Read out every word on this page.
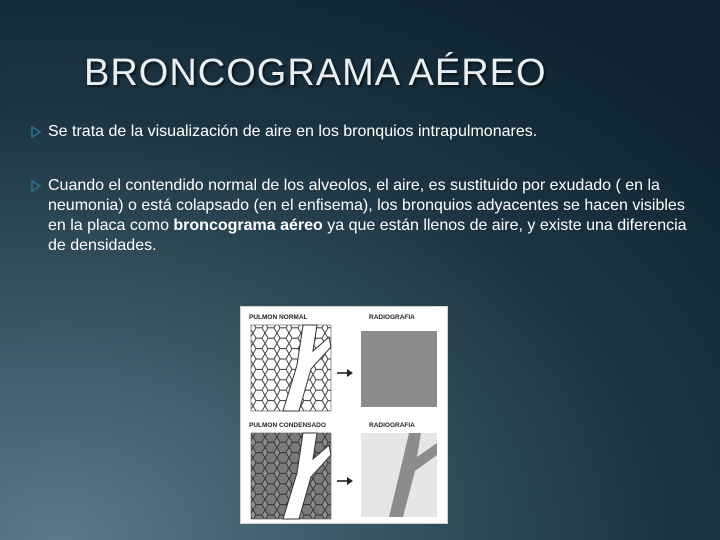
BRONCOGRAMA AÉREO

Se trata de la visualización de aire en los bronquios intrapulmonares.

Cuando el contendido normal de los alveolos, el aire, es sustituido por exudado ( en la neumonia) o está colapsado (en el enfisema), los bronquios adyacentes se hacen visibles en la placa como broncograma aéreo ya que están llenos de aire, y existe una diferencia de densidades.

PULMON NORMAL	RADIOGRAFIA
PULMON CONDENSADO	RADIOGRAFIA
